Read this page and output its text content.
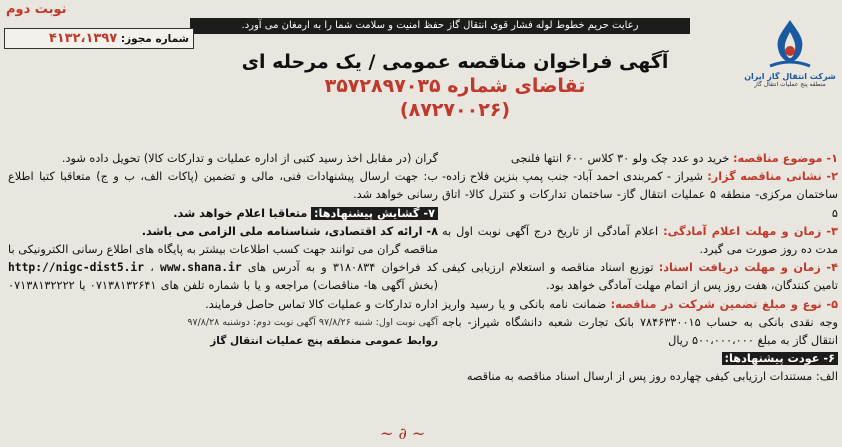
نوبت دوم
رعایت حریم خطوط لوله فشار قوی انتقال گاز حفظ امنیت و سلامت شما را به ارمغان می آورد.
شماره مجوز: ۴۱۳۲،۱۳۹۷
شرکت انتقال گاز ایران
منطقه پنج عملیات انتقال گاز
آگهی فراخوان مناقصه عمومی / یک مرحله ای
تقاضای شماره ۳۵۷۲۸۹۷۰۳۵
(۸۷۲۷۰۰۲۶)

۱- موضوع مناقصه: خرید دو عدد چک ولو ۳۰ کلاس ۶۰۰ انتها فلنجی

۲- نشانی مناقصه گزار: شیراز - کمربندی احمد آباد- جنب پمپ بنزین فلاح زاده- ساختمان مرکزی- منطقه ۵ عملیات انتقال گاز- ساختمان تدارکات و کنترل کالا- اتاق ۵

۳- زمان و مهلت اعلام آمادگی: اعلام آمادگی از تاریخ درج آگهی نوبت اول به مدت ده روز صورت می گیرد.

۴- زمان و مهلت دریافت اسناد: توزیع اسناد مناقصه و استعلام ارزیابی کیفی تامین کنندگان، هفت روز پس از اتمام مهلت آمادگی خواهد بود.

۵- نوع و مبلغ تضمین شرکت در مناقصه: ضمانت نامه بانکی و یا رسید واریز وجه نقدی بانکی به حساب ۷۸۴۶۳۳۰۰۱۵ بانک تجارت شعبه دانشگاه شیراز- باجه انتقال گاز به مبلغ ۵۰۰،۰۰۰،۰۰۰ ریال

۶- عودت پیشنهادها:

الف: مستندات ارزیابی کیفی چهارده روز پس از ارسال اسناد مناقصه به مناقصه

گران (در مقابل اخذ رسید کتبی از اداره عملیات و تدارکات کالا) تحویل داده شود.

ب: جهت ارسال پیشنهادات فنی، مالی و تضمین (پاکات الف، ب و ج) متعاقبا کتبا اطلاع رسانی خواهد شد.

۷- گشایش پیشنهادها: متعاقبا اعلام خواهد شد.

۸- ارائه کد اقتصادی، شناسنامه ملی الزامی می باشد.

مناقصه گران می توانند جهت کسب اطلاعات بیشتر به پایگاه های اطلاع رسانی الکترونیکی با کد فراخوان ۳۱۸۰۸۳۴ و به آدرس های http://nigc-dist5.ir ، www.shana.ir (بخش آگهی ها- مناقصات) مراجعه و یا با شماره تلفن های ۰۷۱۳۸۱۳۲۶۴۱ یا ۰۷۱۳۸۱۳۲۲۲۲ اداره تدارکات و عملیات کالا تماس حاصل فرمایند.

آگهی نوبت اول: شنبه ۹۷/۸/۲۶ آگهی نوبت دوم: دوشنبه ۹۷/۸/۲۸

روابط عمومی منطقه پنج عملیات انتقال گاز

~ ∂ ~
